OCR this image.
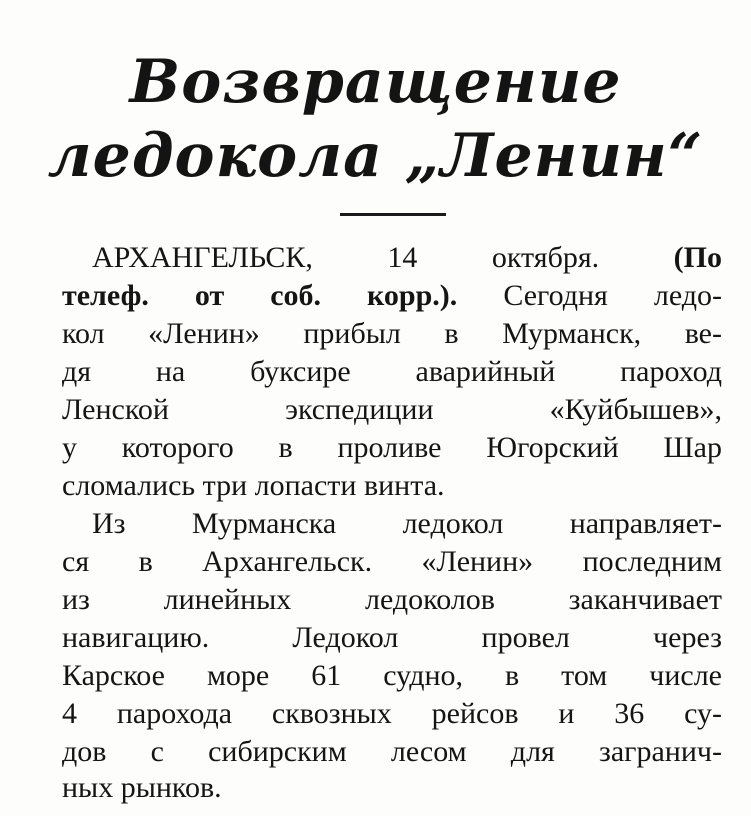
Возвращение
ледокола „Ленин“
АРХАНГЕЛЬСК, 14 октября. (По
телеф. от соб. корр.). Сегодня ледо-
кол «Ленин» прибыл в Мурманск, ве-
дя на буксире аварийный пароход
Ленской экспедиции «Куйбышев»,
у которого в проливе Югорский Шар
сломались три лопасти винта.
Из Мурманска ледокол направляет-
ся в Архангельск. «Ленин» последним
из линейных ледоколов заканчивает
навигацию. Ледокол провел через
Карское море 61 судно, в том числе
4 парохода сквозных рейсов и 36 су-
дов с сибирским лесом для загранич-
ных рынков.
